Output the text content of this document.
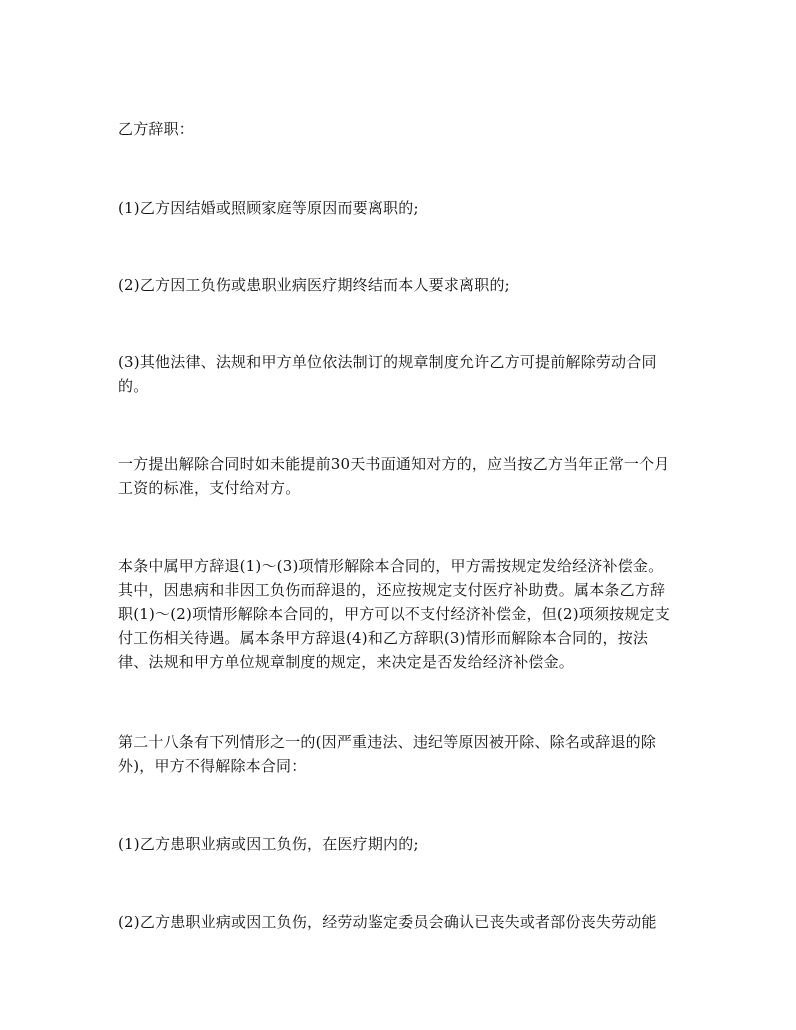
乙方辞职：

(1)乙方因结婚或照顾家庭等原因而要离职的;

(2)乙方因工负伤或患职业病医疗期终结而本人要求离职的;

(3)其他法律、法规和甲方单位依法制订的规章制度允许乙方可提前解除劳动合同的。

一方提出解除合同时如未能提前30天书面通知对方的，应当按乙方当年正常一个月工资的标准，支付给对方。

本条中属甲方辞退(1)～(3)项情形解除本合同的，甲方需按规定发给经济补偿金。其中，因患病和非因工负伤而辞退的，还应按规定支付医疗补助费。属本条乙方辞职(1)～(2)项情形解除本合同的，甲方可以不支付经济补偿金，但(2)项须按规定支付工伤相关待遇。属本条甲方辞退(4)和乙方辞职(3)情形而解除本合同的，按法律、法规和甲方单位规章制度的规定，来决定是否发给经济补偿金。

第二十八条有下列情形之一的(因严重违法、违纪等原因被开除、除名或辞退的除外)，甲方不得解除本合同：

(1)乙方患职业病或因工负伤，在医疗期内的;

(2)乙方患职业病或因工负伤，经劳动鉴定委员会确认已丧失或者部份丧失劳动能
